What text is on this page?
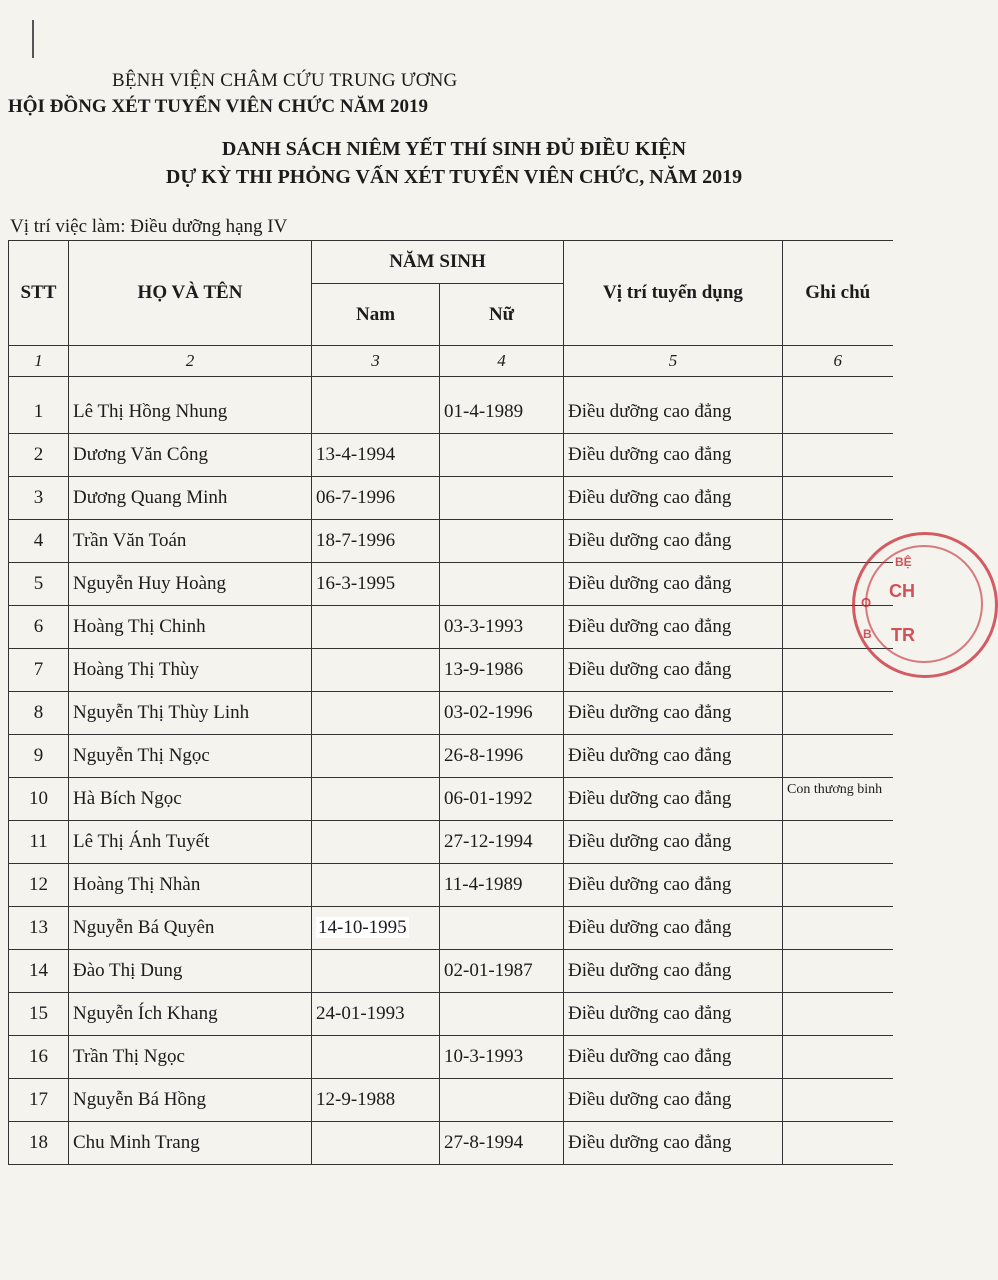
BỆNH VIỆN CHÂM CỨU TRUNG ƯƠNG
HỘI ĐỒNG XÉT TUYỂN VIÊN CHỨC NĂM 2019
DANH SÁCH NIÊM YẾT THÍ SINH ĐỦ ĐIỀU KIỆN
DỰ KỲ THI PHỎNG VẤN XÉT TUYỂN VIÊN CHỨC, NĂM 2019
Vị trí việc làm: Điều dưỡng hạng IV
STT	HỌ VÀ TÊN	NĂM SINH		Vị trí tuyển dụng	Ghi chú
		Nam	Nữ		
1	2	3	4	5	6

1	Lê Thị Hồng Nhung		01-4-1989	Điều dưỡng cao đẳng	
2	Dương Văn Công	13-4-1994		Điều dưỡng cao đẳng	
3	Dương Quang Minh	06-7-1996		Điều dưỡng cao đẳng	
4	Trần Văn Toán	18-7-1996		Điều dưỡng cao đẳng	
5	Nguyễn Huy Hoàng	16-3-1995		Điều dưỡng cao đẳng	
6	Hoàng Thị Chinh		03-3-1993	Điều dưỡng cao đẳng	
7	Hoàng Thị Thùy		13-9-1986	Điều dưỡng cao đẳng	
8	Nguyễn Thị Thùy Linh		03-02-1996	Điều dưỡng cao đẳng	
9	Nguyễn Thị Ngọc		26-8-1996	Điều dưỡng cao đẳng	
10	Hà Bích Ngọc		06-01-1992	Điều dưỡng cao đẳng	Con thương binh
11	Lê Thị Ánh Tuyết		27-12-1994	Điều dưỡng cao đẳng	
12	Hoàng Thị Nhàn		11-4-1989	Điều dưỡng cao đẳng	
13	Nguyễn Bá Quyên	14-10-1995		Điều dưỡng cao đẳng	
14	Đào Thị Dung		02-01-1987	Điều dưỡng cao đẳng	
15	Nguyễn Ích Khang	24-01-1993		Điều dưỡng cao đẳng	
16	Trần Thị Ngọc		10-3-1993	Điều dưỡng cao đẳng	
17	Nguyễn Bá Hồng	12-9-1988		Điều dưỡng cao đẳng	
18	Chu Minh Trang		27-8-1994	Điều dưỡng cao đẳng	
BỆ
CH
TR
O
B
